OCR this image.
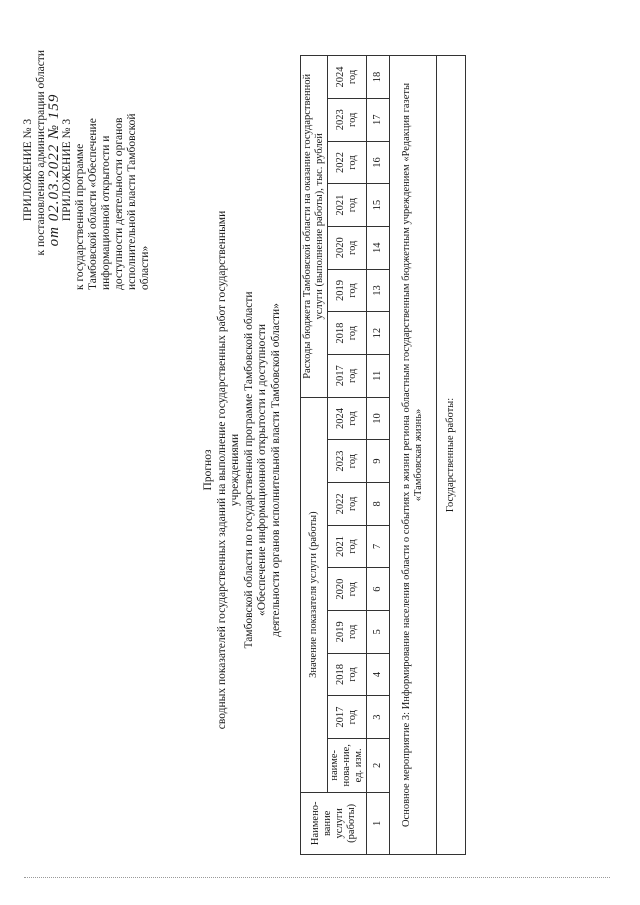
ПРИЛОЖЕНИЕ № 3 к постановлению администрации области от 02.03.2022 № 159 ПРИЛОЖЕНИЕ № 3 к государственной программе Тамбовской области «Обеспечение информационной открытости и доступности деятельности органов исполнительной власти Тамбовской области»
Прогноз сводных показателей государственных заданий на выполнение государственных работ государственными учреждениями Тамбовской области по государственной программе Тамбовской области «Обеспечение информационной открытости и доступности деятельности органов исполнительной власти Тамбовской области»
Наимено-вание услуги (работы)	Значение показателя услуги (работы)									Расходы бюджета Тамбовской области на оказание государственной услуги (выполнение работы), тыс. рублей							
	наиме-нова-ние, ед. изм.	2017 год	2018 год	2019 год	2020 год	2021 год	2022 год	2023 год	2024 год	2017 год	2018 год	2019 год	2020 год	2021 год	2022 год	2023 год	2024 год

1	2	3	4	5	6	7	8	9	10	11	12	13	14	15	16	17	18
Основное мероприятие 3: Информирование населения области о событиях в жизни региона областным государственным бюджетным учреждением «Редакция газеты «Тамбовская жизнь»																	
Государственные работы:																	
